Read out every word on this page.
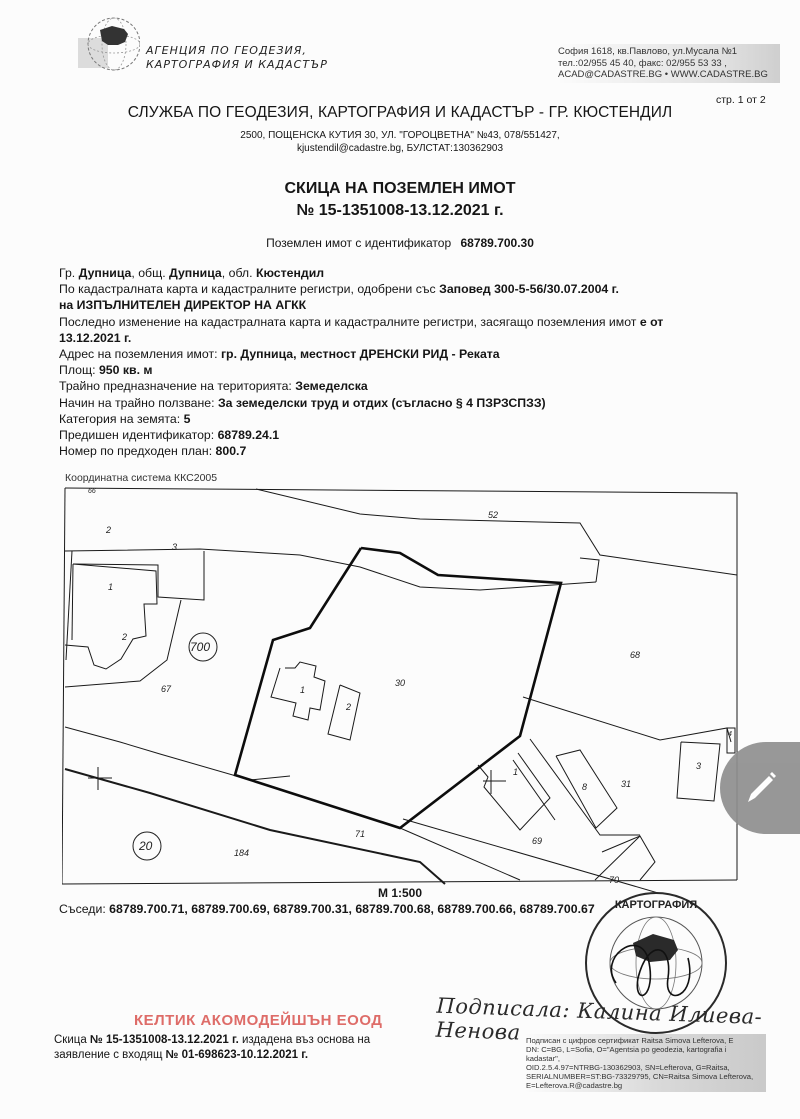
АГЕНЦИЯ ПО ГЕОДЕЗИЯ,
КАРТОГРАФИЯ И КАДАСТЪР
София 1618, кв.Павлово, ул.Мусала №1
тел.:02/955 45 40, факс: 02/955 53 33 ,
ACAD@CADASTRE.BG • WWW.CADASTRE.BG
стр. 1 от 2
СЛУЖБА ПО ГЕОДЕЗИЯ, КАРТОГРАФИЯ И КАДАСТЪР - ГР. КЮСТЕНДИЛ
2500, ПОЩЕНСКА КУТИЯ 30, УЛ. "ГОРОЦВЕТНА" №43, 078/551427,
kjustendil@cadastre.bg, БУЛСТАТ:130362903
СКИЦА НА ПОЗЕМЛЕН ИМОТ
№ 15-1351008-13.12.2021 г.
Поземлен имот с идентификатор 68789.700.30
Гр. Дупница, общ. Дупница, обл. Кюстендил
По кадастралната карта и кадастралните регистри, одобрени със Заповед 300-5-56/30.07.2004 г.
на ИЗПЪЛНИТЕЛЕН ДИРЕКТОР НА АГКК
Последно изменение на кадастралната карта и кадастралните регистри, засягащо поземления имот е от
13.12.2021 г.
Адрес на поземления имот: гр. Дупница, местност ДРЕНСКИ РИД - Реката
Площ: 950 кв. м
Трайно предназначение на територията: Земеделска
Начин на трайно ползване: За земеделски труд и отдих (съгласно § 4 ПЗРЗСПЗЗ)
Категория на земята: 5
Предишен идентификатор: 68789.24.1
Номер по предходен план: 800.7
Координатна система ККС2005
66
52
2
3
1
2
68
67	1
2
30
4
3
31
1
8
69
71
184
70
700
20
М 1:500
Съседи: 68789.700.71, 68789.700.69, 68789.700.31, 68789.700.68, 68789.700.66, 68789.700.67 КАРТОГРАФИЯ
КЕЛТИК АКОМОДЕЙШЪН ЕООД	Подписала: Калина Илиева-Ненова
Скица № 15-1351008-13.12.2021 г. издадена въз основа на
заявление с входящ № 01-698623-10.12.2021 г.
Подписан с цифров сертификат Raitsa Simova Lefterova, E
DN: C=BG, L=Sofia, O="Agentsia po geodezia, kartografia i kadastar",
OID.2.5.4.97=NTRBG-130362903, SN=Lefterova, G=Raitsa,
SERIALNUMBER=ST:BG-73329795, CN=Raitsa Simova Lefterova,
E=Lefterova.R@cadastre.bg
